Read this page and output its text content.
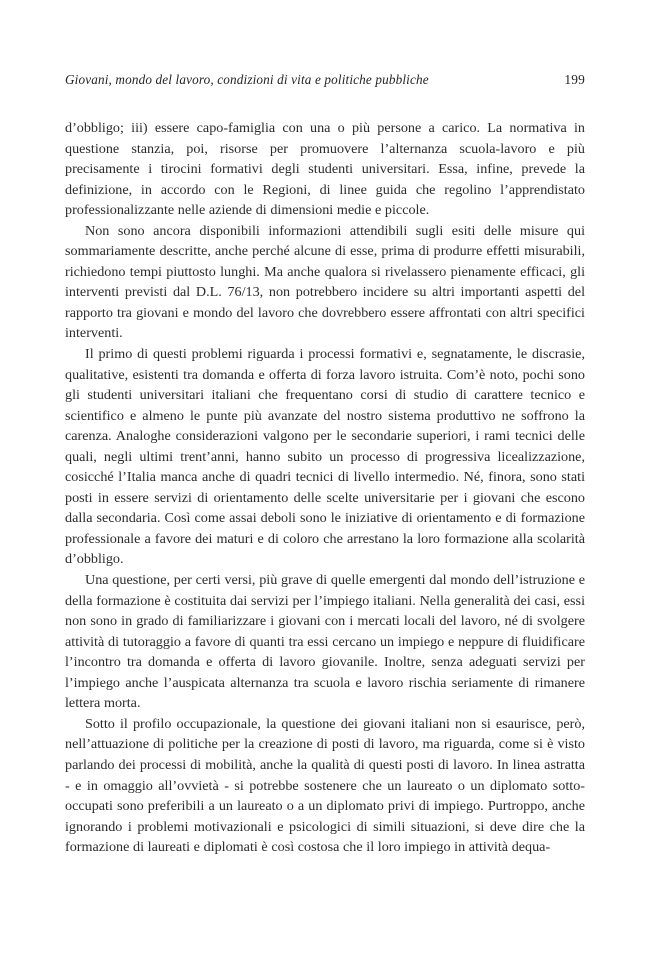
Giovani, mondo del lavoro, condizioni di vita e politiche pubbliche	199

d’obbligo; iii) essere capo-famiglia con una o più persone a carico. La normativa in questione stanzia, poi, risorse per promuovere l’alternanza scuola-lavoro e più precisamente i tirocini formativi degli studenti universitari. Essa, infine, prevede la definizione, in accordo con le Regioni, di linee guida che regolino l’apprendistato professionalizzante nelle aziende di dimensioni medie e piccole.

Non sono ancora disponibili informazioni attendibili sugli esiti delle misure qui sommariamente descritte, anche perché alcune di esse, prima di produrre effetti misurabili, richiedono tempi piuttosto lunghi. Ma anche qualora si rivelassero pienamente efficaci, gli interventi previsti dal D.L. 76/13, non potrebbero incidere su altri importanti aspetti del rapporto tra giovani e mondo del lavoro che dovrebbero essere affrontati con altri specifici interventi.

Il primo di questi problemi riguarda i processi formativi e, segnatamente, le discrasie, qualitative, esistenti tra domanda e offerta di forza lavoro istruita. Com’è noto, pochi sono gli studenti universitari italiani che frequentano corsi di studio di carattere tecnico e scientifico e almeno le punte più avanzate del nostro sistema produttivo ne soffrono la carenza. Analoghe considerazioni valgono per le secondarie superiori, i rami tecnici delle quali, negli ultimi trent’anni, hanno subito un processo di progressiva licealizzazione, cosicché l’Italia manca anche di quadri tecnici di livello intermedio. Né, finora, sono stati posti in essere servizi di orientamento delle scelte universitarie per i giovani che escono dalla secondaria. Così come assai deboli sono le iniziative di orientamento e di formazione professionale a favore dei maturi e di coloro che arrestano la loro formazione alla scolarità d’obbligo.

Una questione, per certi versi, più grave di quelle emergenti dal mondo dell’istruzione e della formazione è costituita dai servizi per l’impiego italiani. Nella generalità dei casi, essi non sono in grado di familiarizzare i giovani con i mercati locali del lavoro, né di svolgere attività di tutoraggio a favore di quanti tra essi cercano un impiego e neppure di fluidificare l’incontro tra domanda e offerta di lavoro giovanile. Inoltre, senza adeguati servizi per l’impiego anche l’auspicata alternanza tra scuola e lavoro rischia seriamente di rimanere lettera morta.

Sotto il profilo occupazionale, la questione dei giovani italiani non si esaurisce, però, nell’attuazione di politiche per la creazione di posti di lavoro, ma riguarda, come si è visto parlando dei processi di mobilità, anche la qualità di questi posti di lavoro. In linea astratta - e in omaggio all’ovvietà - si potrebbe sostenere che un laureato o un diplomato sotto-occupati sono preferibili a un laureato o a un diplomato privi di impiego. Purtroppo, anche ignorando i problemi motivazionali e psicologici di simili situazioni, si deve dire che la formazione di laureati e diplomati è così costosa che il loro impiego in attività dequa-
